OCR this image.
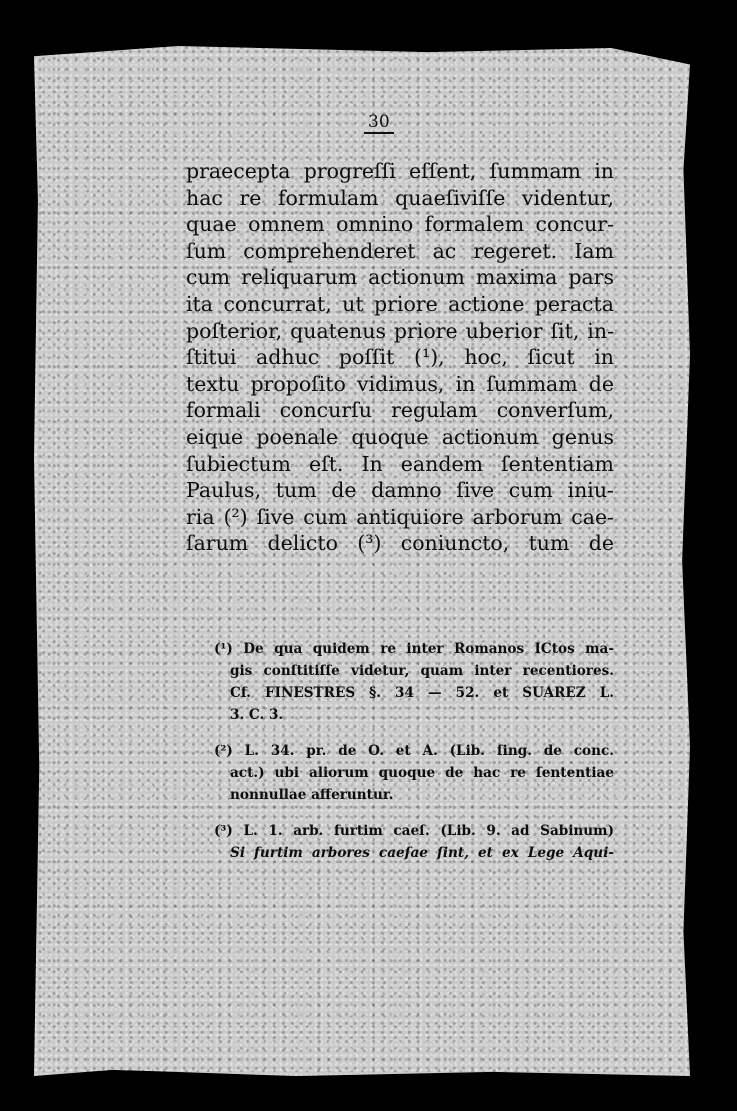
30
praecepta progreſſi eſſent, ſummam in
hac re formulam quaeſiviſſe videntur,
quae omnem omnino formalem concur-
ſum comprehenderet ac regeret. Iam
cum reliquarum actionum maxima pars
ita concurrat, ut priore actione peracta
poſterior, quatenus priore uberior ſit, in-
ſtitui adhuc poſſit (¹), hoc, ſicut in
textu propoſito vidimus, in ſummam de
formali concurſu regulam converſum,
eique poenale quoque actionum genus
ſubiectum eſt. In eandem ſententiam
Paulus, tum de damno ſive cum iniu-
ria (²) ſive cum antiquiore arborum cae-
ſarum delicto (³) coniuncto, tum de
(¹) De qua quidem re inter Romanos ICtos ma-
gis conſtitiſſe videtur, quam inter recentiores.
Cf. FINESTRES §. 34 — 52. et SUAREZ L.
3. C. 3.
(²) L. 34. pr. de O. et A. (Lib. ſing. de conc.
act.) ubi aliorum quoque de hac re ſententiae
nonnullae afferuntur.
(³) L. 1. arb. furtim caeſ. (Lib. 9. ad Sabinum)
Si furtim arbores caeſae ſint, et ex Lege Aqui-
